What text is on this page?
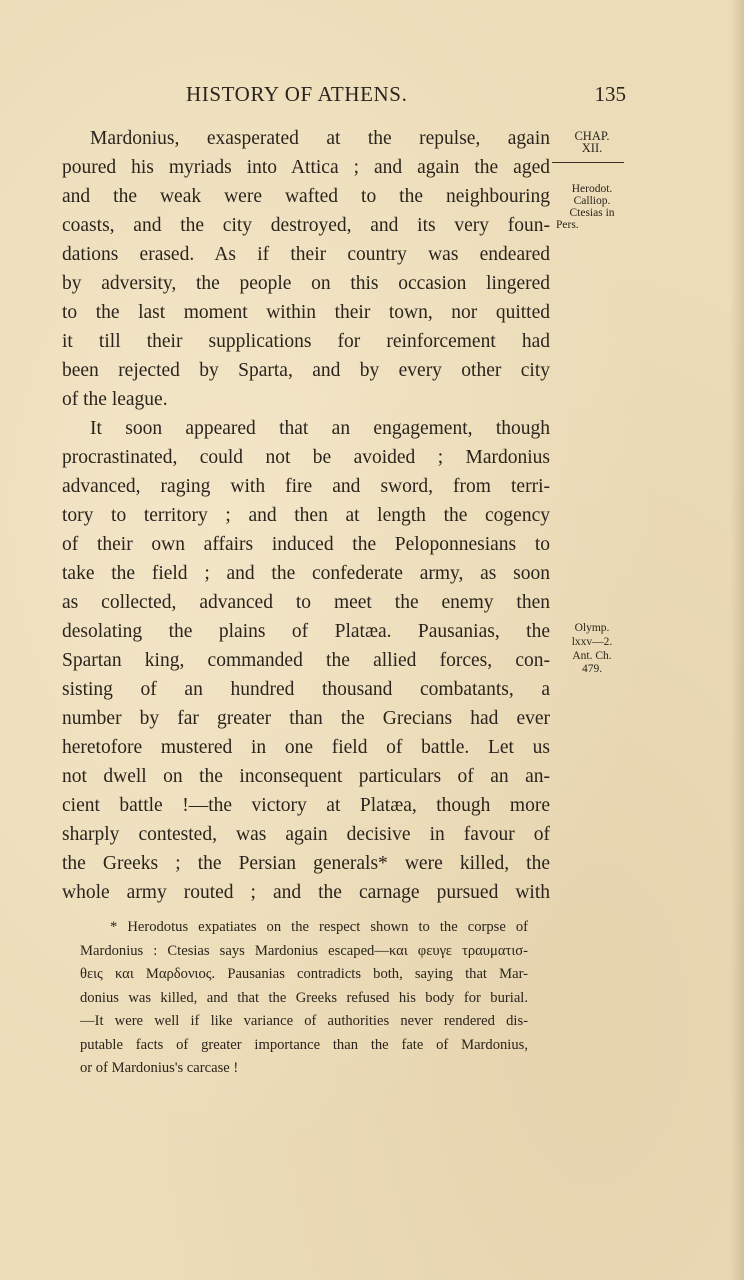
HISTORY OF ATHENS.	135
CHAP.
XII.
Herodot.
Calliop.
Ctesias in
Pers.
Olymp.
lxxv—2.
Ant. Ch.
479.
Mardonius, exasperated at the repulse, again
poured his myriads into Attica ; and again the aged
and the weak were wafted to the neighbouring
coasts, and the city destroyed, and its very foun-
dations erased. As if their country was endeared
by adversity, the people on this occasion lingered
to the last moment within their town, nor quitted
it till their supplications for reinforcement had
been rejected by Sparta, and by every other city
of the league.
It soon appeared that an engagement, though
procrastinated, could not be avoided ; Mardonius
advanced, raging with fire and sword, from terri-
tory to territory ; and then at length the cogency
of their own affairs induced the Peloponnesians to
take the field ; and the confederate army, as soon
as collected, advanced to meet the enemy then
desolating the plains of Platæa. Pausanias, the
Spartan king, commanded the allied forces, con-
sisting of an hundred thousand combatants, a
number by far greater than the Grecians had ever
heretofore mustered in one field of battle. Let us
not dwell on the inconsequent particulars of an an-
cient battle !—the victory at Platæa, though more
sharply contested, was again decisive in favour of
the Greeks ; the Persian generals* were killed, the
whole army routed ; and the carnage pursued with
* Herodotus expatiates on the respect shown to the corpse of
Mardonius : Ctesias says Mardonius escaped—και φευγε τραυματισ-
θεις και Μαρδονιος. Pausanias contradicts both, saying that Mar-
donius was killed, and that the Greeks refused his body for burial.
—It were well if like variance of authorities never rendered dis-
putable facts of greater importance than the fate of Mardonius,
or of Mardonius's carcase !
